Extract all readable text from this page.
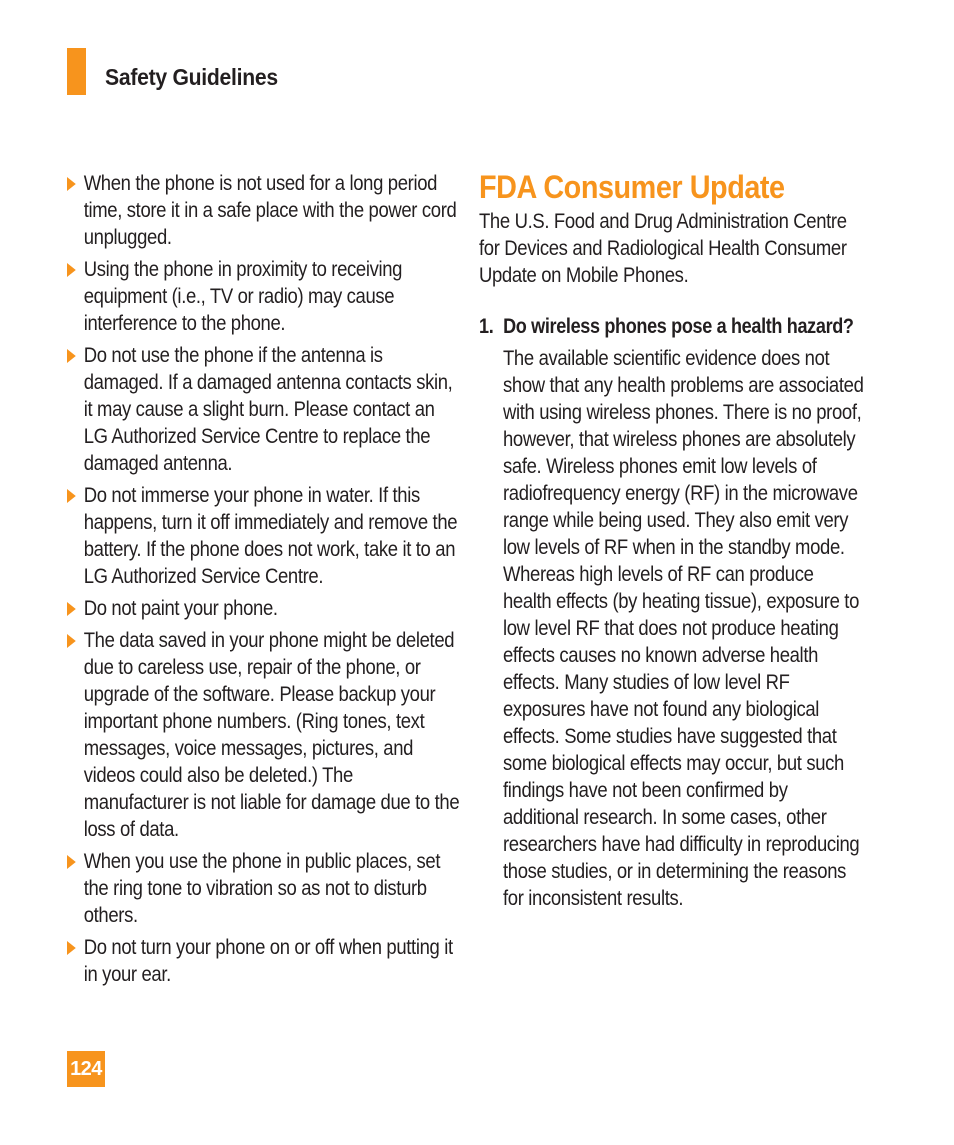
Safety Guidelines
When the phone is not used for a long period time, store it in a safe place with the power cord unplugged.
Using the phone in proximity to receiving equipment (i.e., TV or radio) may cause interference to the phone.
Do not use the phone if the antenna is damaged. If a damaged antenna contacts skin, it may cause a slight burn. Please contact an LG Authorized Service Centre to replace the damaged antenna.
Do not immerse your phone in water. If this happens, turn it off immediately and remove the battery. If the phone does not work, take it to an LG Authorized Service Centre.
Do not paint your phone.
The data saved in your phone might be deleted due to careless use, repair of the phone, or upgrade of the software. Please backup your important phone numbers. (Ring tones, text messages, voice messages, pictures, and videos could also be deleted.) The manufacturer is not liable for damage due to the loss of data.
When you use the phone in public places, set the ring tone to vibration so as not to disturb others.
Do not turn your phone on or off when putting it in your ear.
FDA Consumer Update
The U.S. Food and Drug Administration Centre for Devices and Radiological Health Consumer Update on Mobile Phones.
1. Do wireless phones pose a health hazard?
The available scientific evidence does not show that any health problems are associated with using wireless phones. There is no proof, however, that wireless phones are absolutely safe. Wireless phones emit low levels of radiofrequency energy (RF) in the microwave range while being used. They also emit very low levels of RF when in the standby mode. Whereas high levels of RF can produce health effects (by heating tissue), exposure to low level RF that does not produce heating effects causes no known adverse health effects. Many studies of low level RF exposures have not found any biological effects. Some studies have suggested that some biological effects may occur, but such findings have not been confirmed by additional research. In some cases, other researchers have had difficulty in reproducing those studies, or in determining the reasons for inconsistent results.
124
